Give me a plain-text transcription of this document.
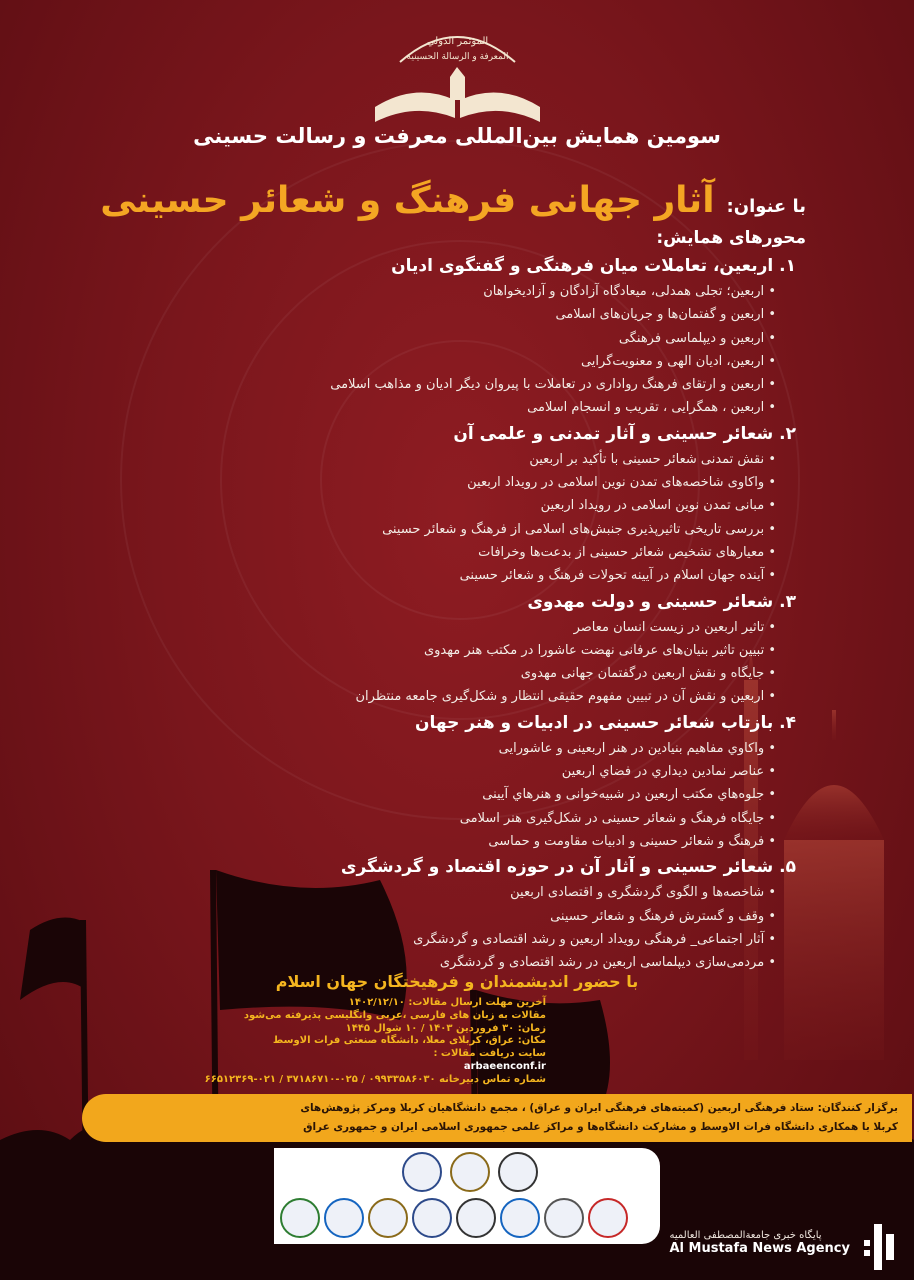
المؤتمر الدولي
المعرفة و الرسالة الحسينية
سومین همایش بین‌المللی معرفت و رسالت حسینی
با عنوان:
آثار جهانی فرهنگ و شعائر حسینی
محورهای همایش:
۱. اربعین، تعاملات میان فرهنگی و گفتگوی ادیان
• اربعین؛ تجلی همدلی، میعادگاه آزادگان و آزادیخواهان
• اربعین و گفتمان‌ها و جریان‌های اسلامی
• اربعین و دیپلماسی فرهنگی
• اربعین، ادیان الهی و معنویت‌گرایی
• اربعین و ارتقای فرهنگ رواداری در تعاملات با پیروان دیگر ادیان و مذاهب اسلامی
• اربعین ، همگرایی ، تقریب و انسجام اسلامی
۲. شعائر حسینی و آثار تمدنی و علمی آن
• نقش تمدنی شعائر حسینی با تأکید بر اربعین
• واکاوی شاخصه‌های تمدن نوین اسلامی در رویداد اربعین
• مبانی تمدن نوین اسلامی در رویداد اربعین
• بررسی تاریخی تاثیرپذیری جنبش‌های اسلامی از فرهنگ و شعائر حسینی
• معیارهای تشخیص شعائر حسینی از بدعت‌ها وخرافات
• آینده جهان اسلام در آیینه تحولات فرهنگ و شعائر حسینی
۳. شعائر حسینی و دولت مهدوی
• تاثیر اربعین در زیست انسان معاصر
• تبیین تاثیر بنیان‌های عرفانی نهضت عاشورا در مکتب هنر مهدوی
• جایگاه و نقش اربعین درگفتمان جهانی مهدوی
• اربعین و نقش آن در تبیین مفهوم حقیقی انتظار و شکل‌گیری جامعه منتظران
۴. بازتاب شعائر حسینی در ادبیات و هنر جهان
• واکاوي مفاهیم بنیادین در هنر اربعینی و عاشورایی
• عناصر نمادین دیداري در فضاي اربعین
• جلوه‌هاي مکتب اربعین در شبیه‌خوانی و هنرهاي آیینی
• جایگاه فرهنگ و شعائر حسینی در شکل‌گیری هنر اسلامی
• فرهنگ و شعائر حسینی و ادبیات مقاومت و حماسی
۵. شعائر حسینی و آثار آن در حوزه اقتصاد و گردشگری
• شاخصه‌ها و الگوی گردشگری و اقتصادی اربعین
• وقف و گسترش فرهنگ و شعائر حسینی
• آثار اجتماعی_ فرهنگی رویداد اربعین و رشد اقتصادی و گردشگری
• مردمی‌سازی دیپلماسی اربعین در رشد اقتصادی و گردشگری
با حضور اندیشمندان و فرهیختگان جهان اسلام
آخرین مهلت ارسال مقالات: ۱۴۰۲/۱۲/۱۰
مقالات به زبان های فارسی ،عربی وانگلیسی پذیرفته می‌شود
زمان: ۳۰ فروردین ۱۴۰۳ / ۱۰ شوال ۱۴۴۵
مکان: عراق، کربلای معلا، دانشگاه صنعتی فرات الاوسط
سایت دریافت مقالات :
arbaeenconf.ir
شماره تماس دبیرخانه ۰۹۹۳۳۵۸۶۰۳۰ / ۰۲۵-۳۷۱۸۶۷۱۰ / ۰۲۱-۶۶۵۱۲۳۶۹
برگزار کنندگان: ستاد فرهنگی اربعین (کمیته‌های فرهنگی ایران و عراق) ، مجمع دانشگاهیان کربلا ومرکز پژوهش‌های
کربلا با همکاری دانشگاه فرات الاوسط و مشارکت دانشگاه‌ها و مراکز علمی جمهوری اسلامی ایران و جمهوری عراق
پایگاه خبری جامعةالمصطفی العالمیه
Al Mustafa News Agency
